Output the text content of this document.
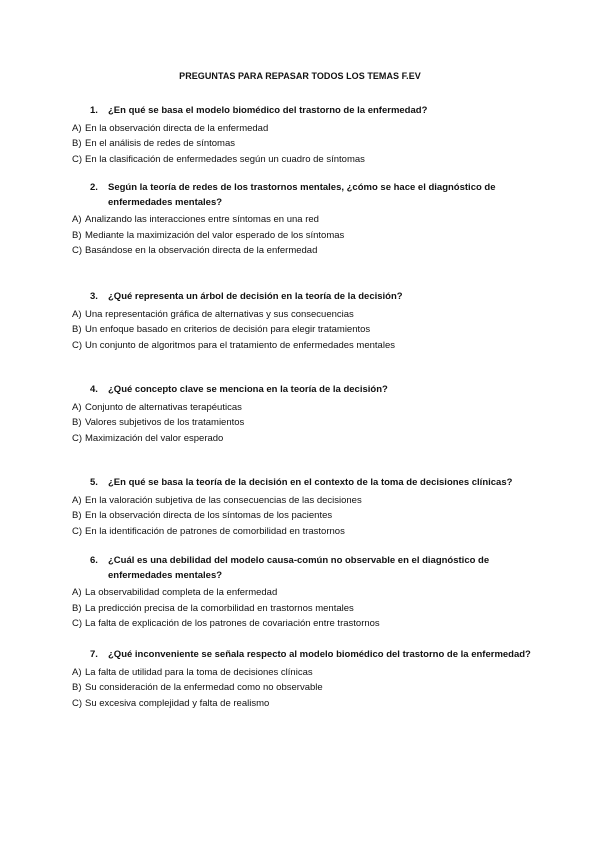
PREGUNTAS PARA REPASAR TODOS LOS TEMAS F.EV
1. ¿En qué se basa el modelo biomédico del trastorno de la enfermedad?
A) En la observación directa de la enfermedad
B) En el análisis de redes de síntomas
C) En la clasificación de enfermedades según un cuadro de síntomas
2. Según la teoría de redes de los trastornos mentales, ¿cómo se hace el diagnóstico de enfermedades mentales?
A) Analizando las interacciones entre síntomas en una red
B) Mediante la maximización del valor esperado de los síntomas
C) Basándose en la observación directa de la enfermedad
3. ¿Qué representa un árbol de decisión en la teoría de la decisión?
A) Una representación gráfica de alternativas y sus consecuencias
B) Un enfoque basado en criterios de decisión para elegir tratamientos
C) Un conjunto de algoritmos para el tratamiento de enfermedades mentales
4. ¿Qué concepto clave se menciona en la teoría de la decisión?
A) Conjunto de alternativas terapéuticas
B) Valores subjetivos de los tratamientos
C) Maximización del valor esperado
5. ¿En qué se basa la teoría de la decisión en el contexto de la toma de decisiones clínicas?
A) En la valoración subjetiva de las consecuencias de las decisiones
B) En la observación directa de los síntomas de los pacientes
C) En la identificación de patrones de comorbilidad en trastornos
6. ¿Cuál es una debilidad del modelo causa-común no observable en el diagnóstico de enfermedades mentales?
A) La observabilidad completa de la enfermedad
B) La predicción precisa de la comorbilidad en trastornos mentales
C) La falta de explicación de los patrones de covariación entre trastornos
7. ¿Qué inconveniente se señala respecto al modelo biomédico del trastorno de la enfermedad?
A) La falta de utilidad para la toma de decisiones clínicas
B) Su consideración de la enfermedad como no observable
C) Su excesiva complejidad y falta de realismo
